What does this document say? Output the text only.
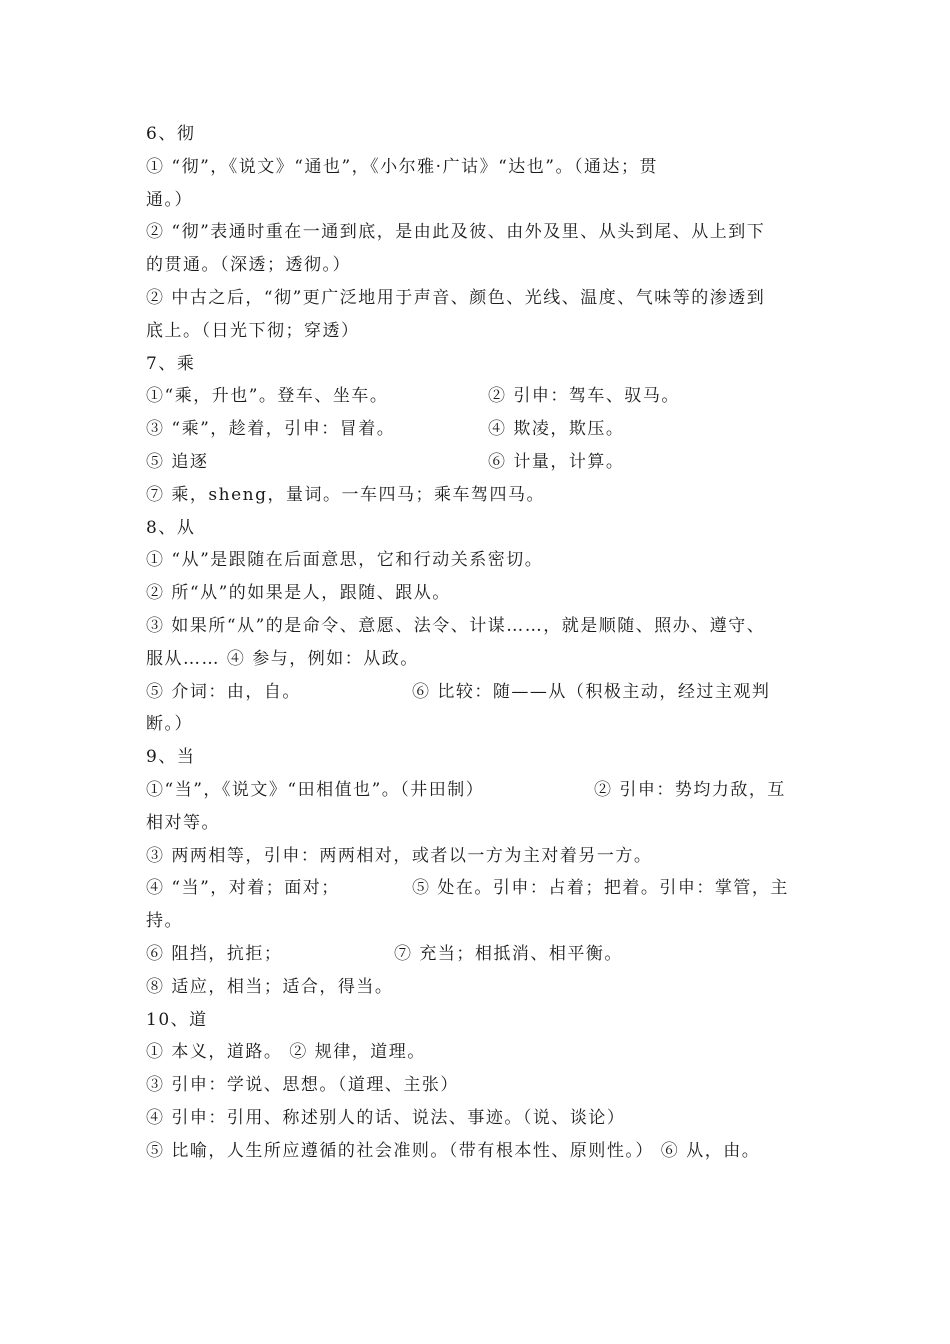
6、彻
① “彻”，《说文》“通也”，《小尔雅·广诂》“达也”。（通达；贯
通。）
② “彻”表通时重在一通到底，是由此及彼、由外及里、从头到尾、从上到下
的贯通。（深透；透彻。）
② 中古之后，“彻”更广泛地用于声音、颜色、光线、温度、气味等的渗透到
底上。（日光下彻；穿透）
7、乘
①“乘，升也”。登车、坐车。	② 引申：驾车、驭马。
③ “乘”，趁着，引申：冒着。	④ 欺凌，欺压。
⑤ 追逐	⑥ 计量，计算。
⑦ 乘，sheng，量词。一车四马；乘车驾四马。
8、从
① “从”是跟随在后面意思，它和行动关系密切。
② 所“从”的如果是人，跟随、跟从。
③ 如果所“从”的是命令、意愿、法令、计谋……，就是顺随、照办、遵守、
服从…… ④ 参与，例如：从政。
⑤ 介词：由，自。	⑥ 比较：随——从（积极主动，经过主观判
断。）
9、当
①“当”，《说文》“田相值也”。（井田制）	② 引申：势均力敌，互
相对等。
③ 两两相等，引申：两两相对，或者以一方为主对着另一方。
④ “当”，对着；面对；	⑤ 处在。引申：占着；把着。引申：掌管，主
持。
⑥ 阻挡，抗拒；	⑦ 充当；相抵消、相平衡。
⑧ 适应，相当；适合，得当。
10、道
① 本义，道路。 ② 规律，道理。
③ 引申：学说、思想。（道理、主张）
④ 引申：引用、称述别人的话、说法、事迹。（说、谈论）
⑤ 比喻，人生所应遵循的社会准则。（带有根本性、原则性。） ⑥ 从，由。
